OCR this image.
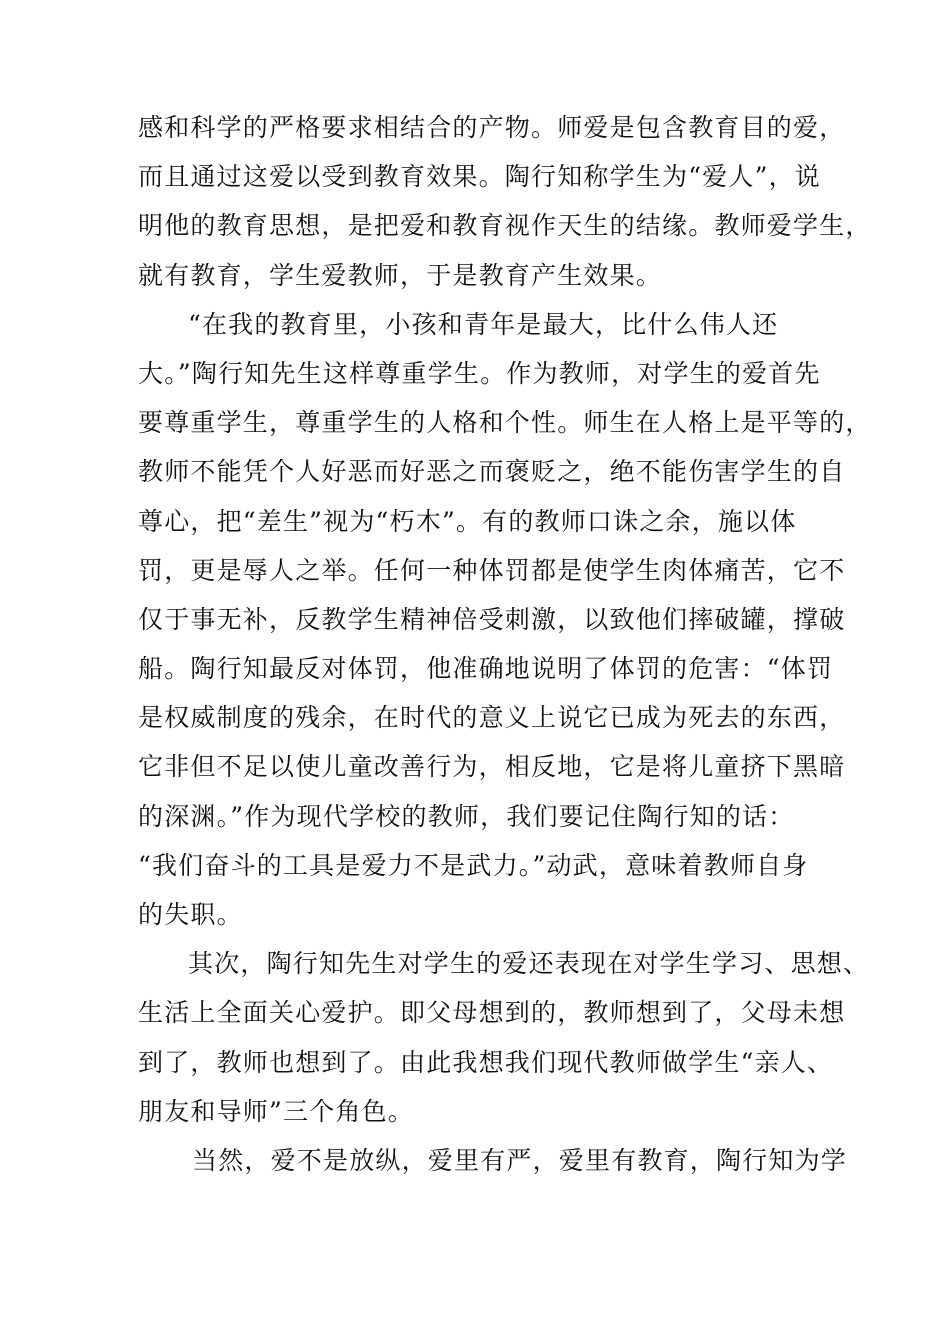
感和科学的严格要求相结合的产物。师爱是包含教育目的爱，
而且通过这爱以受到教育效果。陶行知称学生为“爱人”，说
明他的教育思想，是把爱和教育视作天生的结缘。教师爱学生，
就有教育，学生爱教师，于是教育产生效果。
“在我的教育里，小孩和青年是最大，比什么伟人还
大。”陶行知先生这样尊重学生。作为教师，对学生的爱首先
要尊重学生，尊重学生的人格和个性。师生在人格上是平等的，
教师不能凭个人好恶而好恶之而褒贬之，绝不能伤害学生的自
尊心，把“差生”视为“朽木”。有的教师口诛之余，施以体
罚，更是辱人之举。任何一种体罚都是使学生肉体痛苦，它不
仅于事无补，反教学生精神倍受刺激，以致他们摔破罐，撑破
船。陶行知最反对体罚，他准确地说明了体罚的危害：“体罚
是权威制度的残余，在时代的意义上说它已成为死去的东西，
它非但不足以使儿童改善行为，相反地，它是将儿童挤下黑暗
的深渊。”作为现代学校的教师，我们要记住陶行知的话：
“我们奋斗的工具是爱力不是武力。”动武，意味着教师自身
的失职。
其次，陶行知先生对学生的爱还表现在对学生学习、思想、
生活上全面关心爱护。即父母想到的，教师想到了，父母未想
到了，教师也想到了。由此我想我们现代教师做学生“亲人、
朋友和导师”三个角色。
当然，爱不是放纵，爱里有严，爱里有教育，陶行知为学
